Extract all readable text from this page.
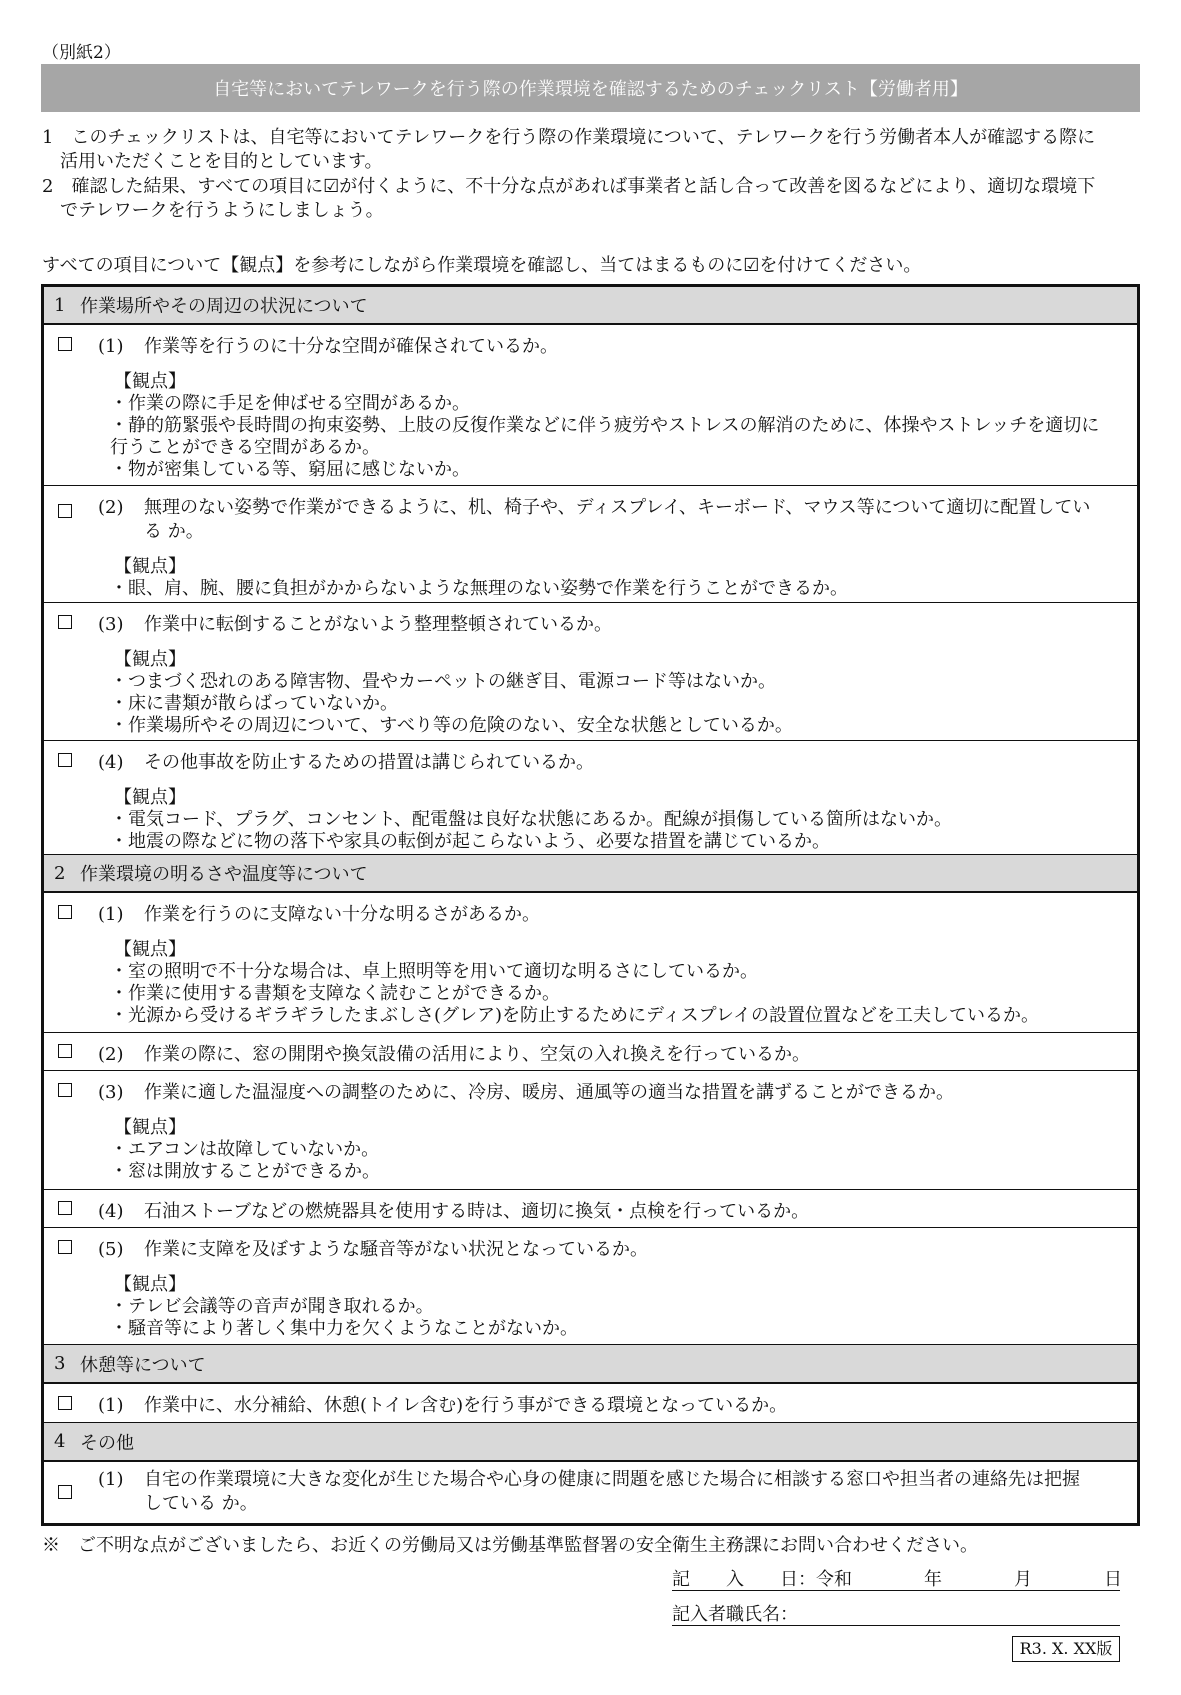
（別紙2）
自宅等においてテレワークを行う際の作業環境を確認するためのチェックリスト【労働者用】
1　このチェックリストは、自宅等においてテレワークを行う際の作業環境について、テレワークを行う労働者本人が確認する際に
　活用いただくことを目的としています。
2　確認した結果、すべての項目に☑が付くように、不十分な点があれば事業者と話し合って改善を図るなどにより、適切な環境下
　でテレワークを行うようにしましょう。
すべての項目について【観点】を参考にしながら作業環境を確認し、当てはまるものに☑を付けてください。
1 作業場所やその周辺の状況について
(1) 作業等を行うのに十分な空間が確保されているか。
【観点】
・作業の際に手足を伸ばせる空間があるか。
・静的筋緊張や長時間の拘束姿勢、上肢の反復作業などに伴う疲労やストレスの解消のために、体操やストレッチを適切に
行うことができる空間があるか。
・物が密集している等、窮屈に感じないか。
(2) 無理のない姿勢で作業ができるように、机、椅子や、ディスプレイ、キーボード、マウス等について適切に配置してい
る か。
【観点】
・眼、肩、腕、腰に負担がかからないような無理のない姿勢で作業を行うことができるか。
(3) 作業中に転倒することがないよう整理整頓されているか。
【観点】
・つまづく恐れのある障害物、畳やカーペットの継ぎ目、電源コード等はないか。
・床に書類が散らばっていないか。
・作業場所やその周辺について、すべり等の危険のない、安全な状態としているか。
(4) その他事故を防止するための措置は講じられているか。
【観点】
・電気コード、プラグ、コンセント、配電盤は良好な状態にあるか。配線が損傷している箇所はないか。
・地震の際などに物の落下や家具の転倒が起こらないよう、必要な措置を講じているか。
2 作業環境の明るさや温度等について
(1) 作業を行うのに支障ない十分な明るさがあるか。
【観点】
・室の照明で不十分な場合は、卓上照明等を用いて適切な明るさにしているか。
・作業に使用する書類を支障なく読むことができるか。
・光源から受けるギラギラしたまぶしさ(グレア)を防止するためにディスプレイの設置位置などを工夫しているか。
(2) 作業の際に、窓の開閉や換気設備の活用により、空気の入れ換えを行っているか。
(3) 作業に適した温湿度への調整のために、冷房、暖房、通風等の適当な措置を講ずることができるか。
【観点】
・エアコンは故障していないか。
・窓は開放することができるか。
(4) 石油ストーブなどの燃焼器具を使用する時は、適切に換気・点検を行っているか。
(5) 作業に支障を及ぼすような騒音等がない状況となっているか。
【観点】
・テレビ会議等の音声が聞き取れるか。
・騒音等により著しく集中力を欠くようなことがないか。
3 休憩等について
(1) 作業中に、水分補給、休憩(トイレ含む)を行う事ができる環境となっているか。
4 その他
(1) 自宅の作業環境に大きな変化が生じた場合や心身の健康に問題を感じた場合に相談する窓口や担当者の連絡先は把握
している か。
※　ご不明な点がございましたら、お近くの労働局又は労働基準監督署の安全衛生主務課にお問い合わせください。
記　　入　　日：令和　　　　年　　　　月　　　　日
記入者職氏名：
R3. X. XX版
